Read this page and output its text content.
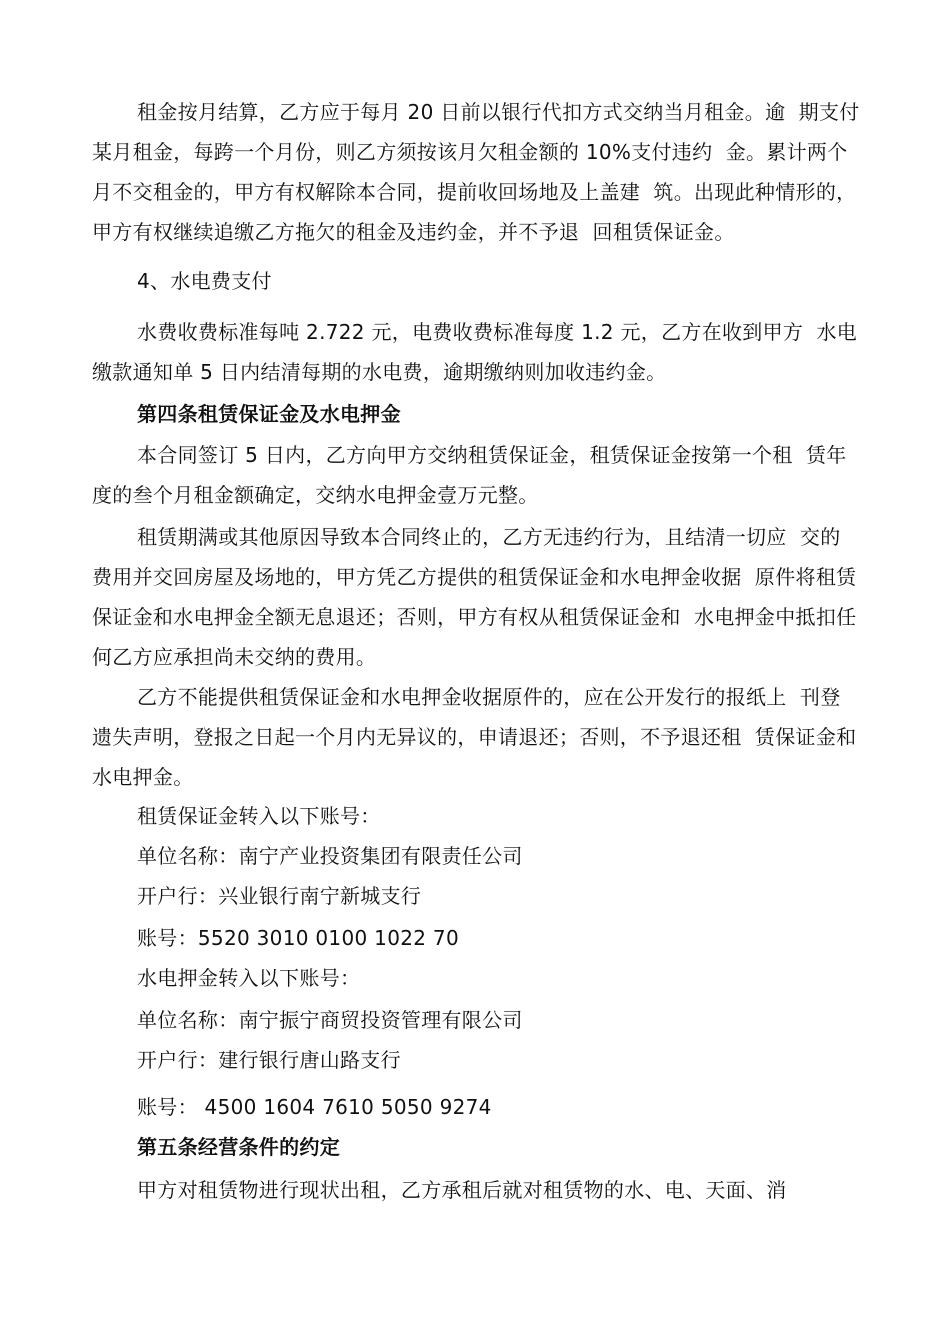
租金按月结算，乙方应于每月 20 日前以银行代扣方式交纳当月租金。逾  期支付
某月租金，每跨一个月份，则乙方须按该月欠租金额的 10%支付违约  金。累计两个
月不交租金的，甲方有权解除本合同，提前收回场地及上盖建  筑。出现此种情形的，
甲方有权继续追缴乙方拖欠的租金及违约金，并不予退  回租赁保证金。

4、水电费支付

水费收费标准每吨 2.722 元，电费收费标准每度 1.2 元，乙方在收到甲方  水电
缴款通知单 5 日内结清每期的水电费，逾期缴纳则加收违约金。

第四条租赁保证金及水电押金

本合同签订 5 日内，乙方向甲方交纳租赁保证金，租赁保证金按第一个租  赁年
度的叁个月租金额确定，交纳水电押金壹万元整。
租赁期满或其他原因导致本合同终止的，乙方无违约行为，且结清一切应  交的
费用并交回房屋及场地的，甲方凭乙方提供的租赁保证金和水电押金收据  原件将租赁
保证金和水电押金全额无息退还；否则，甲方有权从租赁保证金和  水电押金中抵扣任
何乙方应承担尚未交纳的费用。
乙方不能提供租赁保证金和水电押金收据原件的，应在公开发行的报纸上  刊登
遗失声明，登报之日起一个月内无异议的，申请退还；否则，不予退还租  赁保证金和
水电押金。

租赁保证金转入以下账号：

单位名称：南宁产业投资集团有限责任公司

开户行：兴业银行南宁新城支行

账号：5520 3010 0100 1022 70

水电押金转入以下账号：

单位名称：南宁振宁商贸投资管理有限公司

开户行：建行银行唐山路支行

账号： 4500 1604 7610 5050 9274

第五条经营条件的约定

甲方对租赁物进行现状出租，乙方承租后就对租赁物的水、电、天面、消
